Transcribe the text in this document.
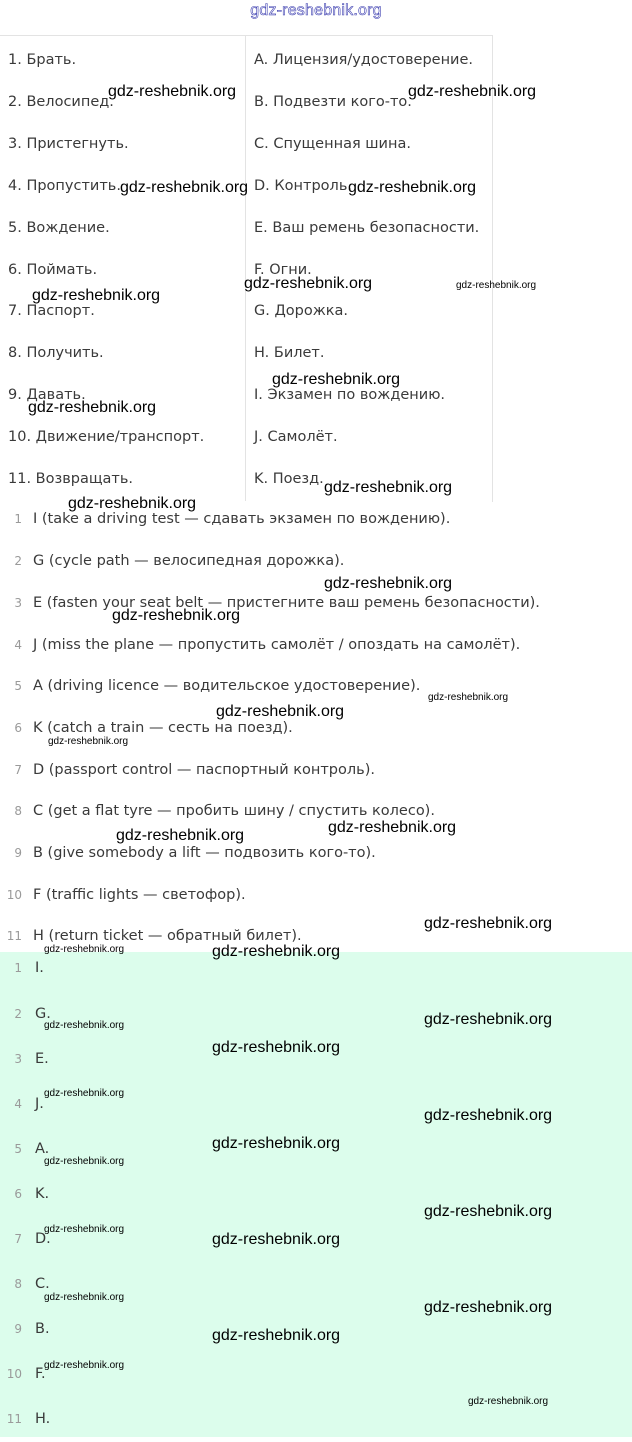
gdz-reshebnik.org
1. Брать.	A. Лицензия/удостоверение.
2. Велосипед.	B. Подвезти кого-то.
3. Пристегнуть.	C. Спущенная шина.
4. Пропустить.	D. Контроль.
5. Вождение.	E. Ваш ремень безопасности.
6. Поймать.	F. Огни.
7. Паспорт.	G. Дорожка.
8. Получить.	H. Билет.
9. Давать.	I. Экзамен по вождению.
10. Движение/транспорт.	J. Самолёт.
11. Возвращать.	K. Поезд.
1 I (take a driving test — сдавать экзамен по вождению).
2 G (cycle path — велосипедная дорожка).
3 E (fasten your seat belt — пристегните ваш ремень безопасности).
4 J (miss the plane — пропустить самолёт / опоздать на самолёт).
5 A (driving licence — водительское удостоверение).
6 K (catch a train — сесть на поезд).
7 D (passport control — паспортный контроль).
8 C (get a flat tyre — пробить шину / спустить колесо).
9 B (give somebody a lift — подвозить кого-то).
10 F (traffic lights — светофор).
11 H (return ticket — обратный билет).
1 I.
2 G.
3 E.
4 J.
5 A.
6 K.
7 D.
8 C.
9 B.
10 F.
11 H.
gdz-reshebnik.org	gdz-reshebnik.org
gdz-reshebnik.org	gdz-reshebnik.org
gdz-reshebnik.org	gdz-reshebnik.org
gdz-reshebnik.org
gdz-reshebnik.org
gdz-reshebnik.org
gdz-reshebnik.org
gdz-reshebnik.org
gdz-reshebnik.org
gdz-reshebnik.org
gdz-reshebnik.org
gdz-reshebnik.org
gdz-reshebnik.org
gdz-reshebnik.org
gdz-reshebnik.org
gdz-reshebnik.org
gdz-reshebnik.org	gdz-reshebnik.org
gdz-reshebnik.org
gdz-reshebnik.org
gdz-reshebnik.org
gdz-reshebnik.org
gdz-reshebnik.org
gdz-reshebnik.org
gdz-reshebnik.org
gdz-reshebnik.org
gdz-reshebnik.org
gdz-reshebnik.org
gdz-reshebnik.org
gdz-reshebnik.org
gdz-reshebnik.org
gdz-reshebnik.org
gdz-reshebnik.org
